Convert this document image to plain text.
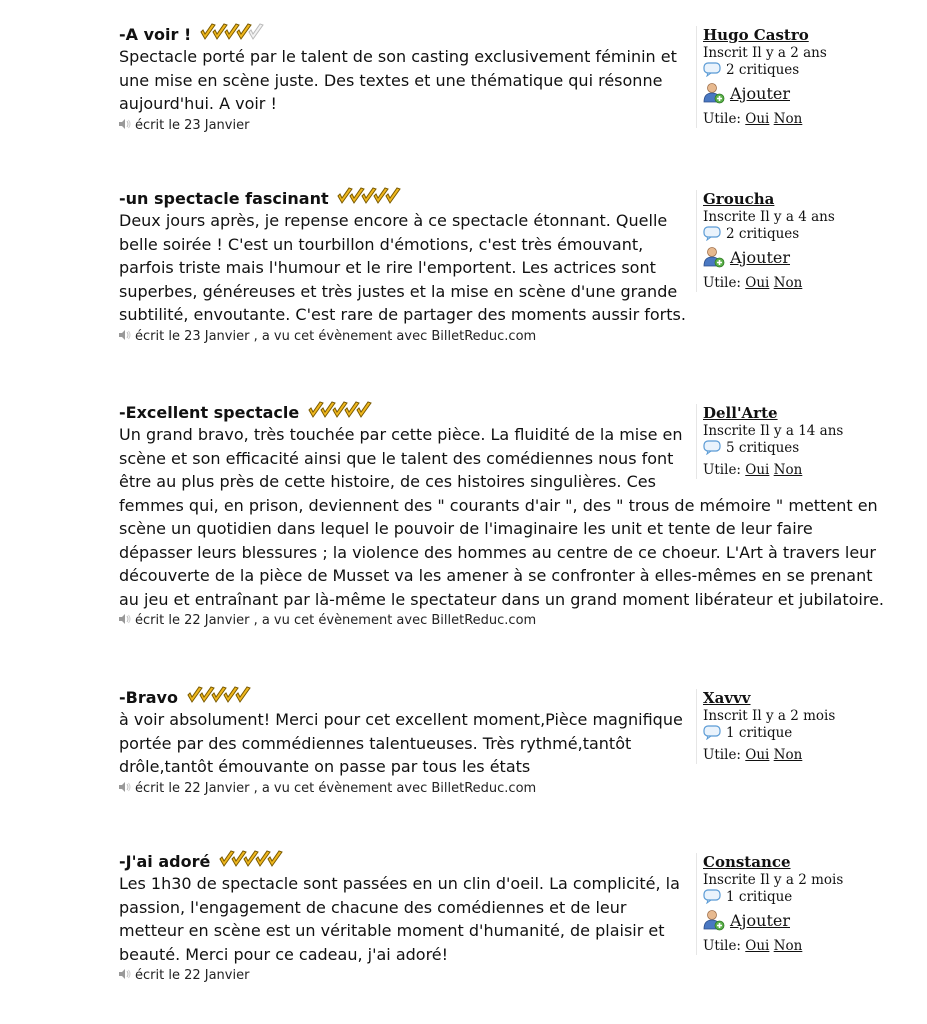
-A voir !
Spectacle porté par le talent de son casting exclusivement féminin et une mise en scène juste. Des textes et une thématique qui résonne aujourd'hui. A voir !
écrit le 23 Janvier
Hugo Castro
Inscrit Il y a 2 ans
2 critiques
Ajouter
Utile: Oui Non
-un spectacle fascinant
Deux jours après, je repense encore à ce spectacle étonnant. Quelle belle soirée ! C'est un tourbillon d'émotions, c'est très émouvant, parfois triste mais l'humour et le rire l'emportent. Les actrices sont superbes, généreuses et très justes et la mise en scène d'une grande subtilité, envoutante. C'est rare de partager des moments aussir forts.
écrit le 23 Janvier , a vu cet évènement avec BilletReduc.com
Groucha
Inscrite Il y a 4 ans
2 critiques
Ajouter
Utile: Oui Non
-Excellent spectacle
Un grand bravo, très touchée par cette pièce. La fluidité de la mise en scène et son efficacité ainsi que le talent des comédiennes nous font être au plus près de cette histoire, de ces histoires singulières. Ces femmes qui, en prison, deviennent des " courants d'air ", des " trous de mémoire " mettent en scène un quotidien dans lequel le pouvoir de l'imaginaire les unit et tente de leur faire dépasser leurs blessures ; la violence des hommes au centre de ce choeur. L'Art à travers leur découverte de la pièce de Musset va les amener à se confronter à elles-mêmes en se prenant au jeu et entraînant par là-même le spectateur dans un grand moment libérateur et jubilatoire.
écrit le 22 Janvier , a vu cet évènement avec BilletReduc.com
Dell'Arte
Inscrite Il y a 14 ans
5 critiques
Utile: Oui Non
-Bravo
à voir absolument! Merci pour cet excellent moment,Pièce magnifique portée par des commédiennes talentueuses. Très rythmé,tantôt drôle,tantôt émouvante on passe par tous les états
écrit le 22 Janvier , a vu cet évènement avec BilletReduc.com
Xavvv
Inscrit Il y a 2 mois
1 critique
Utile: Oui Non
-J'ai adoré
Les 1h30 de spectacle sont passées en un clin d'oeil. La complicité, la passion, l'engagement de chacune des comédiennes et de leur metteur en scène est un véritable moment d'humanité, de plaisir et beauté. Merci pour ce cadeau, j'ai adoré!
écrit le 22 Janvier
Constance
Inscrite Il y a 2 mois
1 critique
Ajouter
Utile: Oui Non
